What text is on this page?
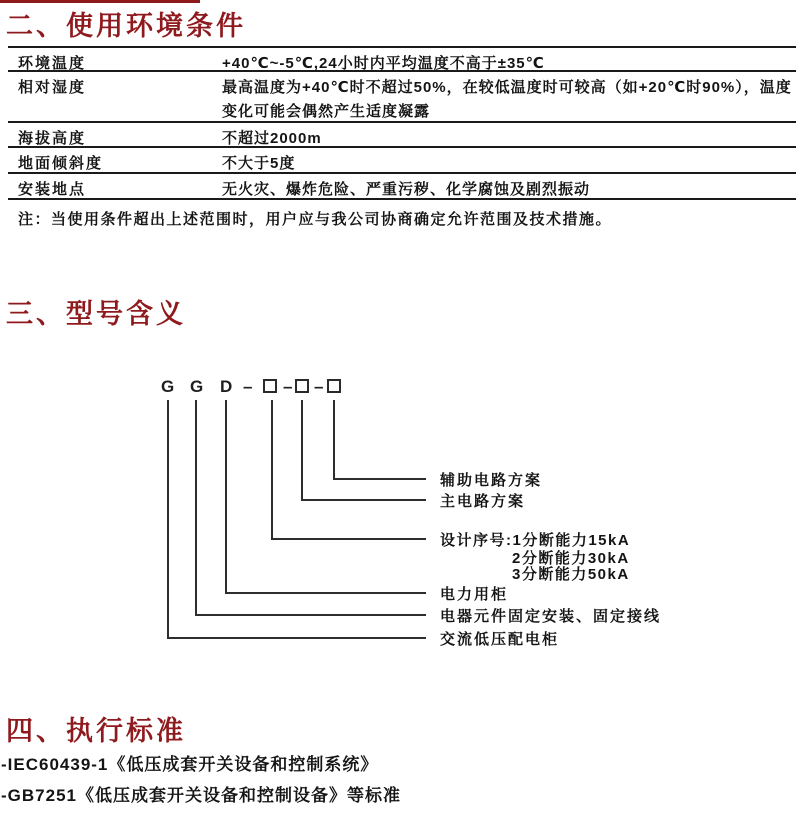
二、使用环境条件
环境温度	+40℃~-5℃,24小时内平均温度不高于±35℃
相对湿度	最高温度为+40℃时不超过50%，在较低温度时可较高（如+20℃时90%），温度
变化可能会偶然产生适度凝露
海拔高度	不超过2000m
地面倾斜度	不大于5度
安装地点	无火灾、爆炸危险、严重污秽、化学腐蚀及剧烈振动
注：当使用条件超出上述范围时，用户应与我公司协商确定允许范围及技术措施。
三、型号含义
G G D – – –
辅助电路方案
主电路方案
设计序号:1分断能力15kA
2分断能力30kA
3分断能力50kA
电力用柜
电器元件固定安装、固定接线
交流低压配电柜
四、执行标准
-IEC60439-1《低压成套开关设备和控制系统》
-GB7251《低压成套开关设备和控制设备》等标准
